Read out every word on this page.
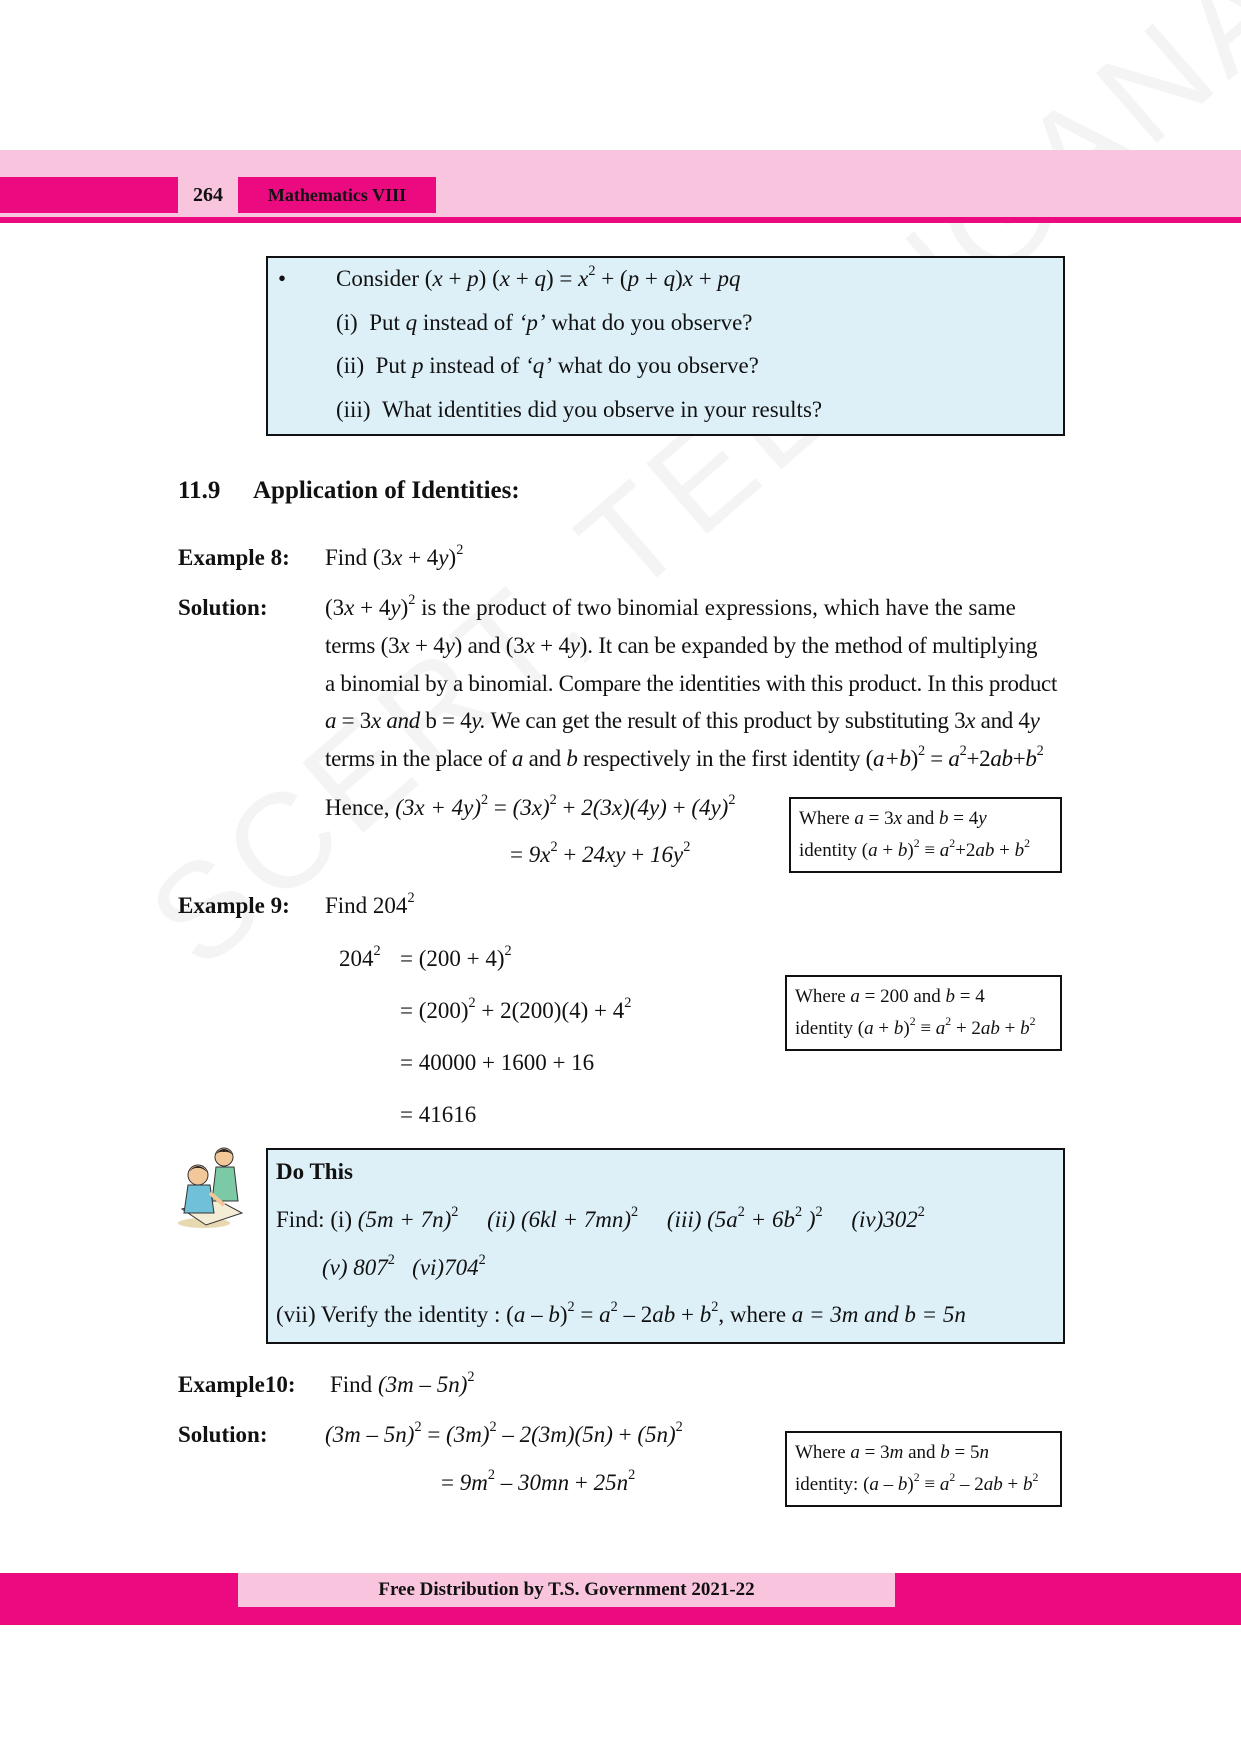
264	Mathematics VIII
• Consider (x + p) $(x + q) = x^2 + (p + q)x$ + pq
(i) Put q instead of ‘p’ what do you observe?
(ii) Put p instead of ‘q’ what do you observe?
(iii) What identities did you observe in your results?
11.9 Application of Identities:
Example 8: Find $(3x + 4y)^2$
Solution:	$(3x + 4y)^2$ is the product of two binomial expressions, which have the same
terms (3x + 4y) and (3x + 4y). It can be expanded by the method of multiplying
a binomial by a binomial. Compare the identities with this product. In this product
a = 3x and b = 4y. We can get the result of this product by substituting 3x and 4y
terms in the place of a and b respectively in the first identity $(a+b)^2 = a^2+2ab+b^2$
Hence, $(3x + 4y)^2 = (3x)^2 + 2(3x)(4y) + (4y)^2$
= $9x^2 + 24xy + 16y^2$
Where a = 3x and b = 4y
identity $(a + b)^2 \equiv a^2+2ab + b^2$
Example 9: Find $204^2$
$204^2 = (200 + 4)^2$
= $(200)^2 + 2(200)(4) + 4^2$
= 40000 + 1600 + 16
= 41616
Where a = 200 and b = 4
identity $(a + b)^2 \equiv a^2 + 2ab + b^2$
Do This
Find: (i) $(5m + 7n)^2$ (ii) $(6kl + 7mn)^2$ (iii) ($5a^2 + 6b^2$ )$^2$ $(iv)302^2$
(v) $807^2$ $(vi)704^2$
(vii) Verify the identity : $(a - b)^2 = a^2 - 2ab + b^2$, where a = 3m and b = 5n
Example10: Find (3m – 5n)$^2$
Solution:	$(3m - 5n)^2 = (3m)^2 - 2(3m)(5n) + (5n)^2$
= $9m^2 - 30mn + 25n^2$
Where a = 3m and b = 5n
identity: $(a - b)^2 \equiv a^2 - 2ab + b^2$
Free Distribution by T.S. Government 2021-22
